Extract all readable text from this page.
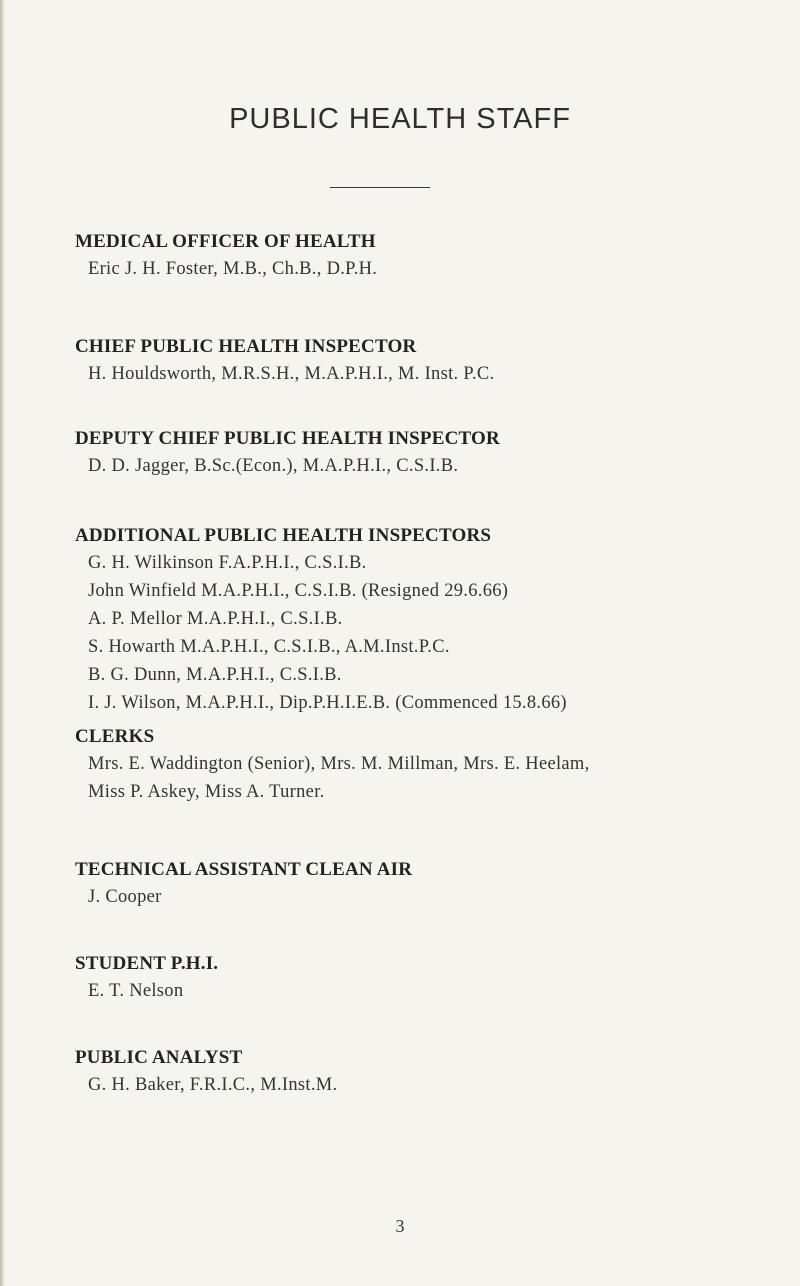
PUBLIC HEALTH STAFF

MEDICAL OFFICER OF HEALTH

Eric J. H. Foster, M.B., Ch.B., D.P.H.

CHIEF PUBLIC HEALTH INSPECTOR

H. Houldsworth, M.R.S.H., M.A.P.H.I., M. Inst. P.C.

DEPUTY CHIEF PUBLIC HEALTH INSPECTOR

D. D. Jagger, B.Sc.(Econ.), M.A.P.H.I., C.S.I.B.

ADDITIONAL PUBLIC HEALTH INSPECTORS

G. H. Wilkinson F.A.P.H.I., C.S.I.B.

John Winfield M.A.P.H.I., C.S.I.B. (Resigned 29.6.66)

A. P. Mellor M.A.P.H.I., C.S.I.B.

S. Howarth M.A.P.H.I., C.S.I.B., A.M.Inst.P.C.

B. G. Dunn, M.A.P.H.I., C.S.I.B.

I. J. Wilson, M.A.P.H.I., Dip.P.H.I.E.B. (Commenced 15.8.66)

CLERKS

Mrs. E. Waddington (Senior), Mrs. M. Millman, Mrs. E. Heelam,

Miss P. Askey, Miss A. Turner.

TECHNICAL ASSISTANT CLEAN AIR

J. Cooper

STUDENT P.H.I.

E. T. Nelson

PUBLIC ANALYST

G. H. Baker, F.R.I.C., M.Inst.M.

3
